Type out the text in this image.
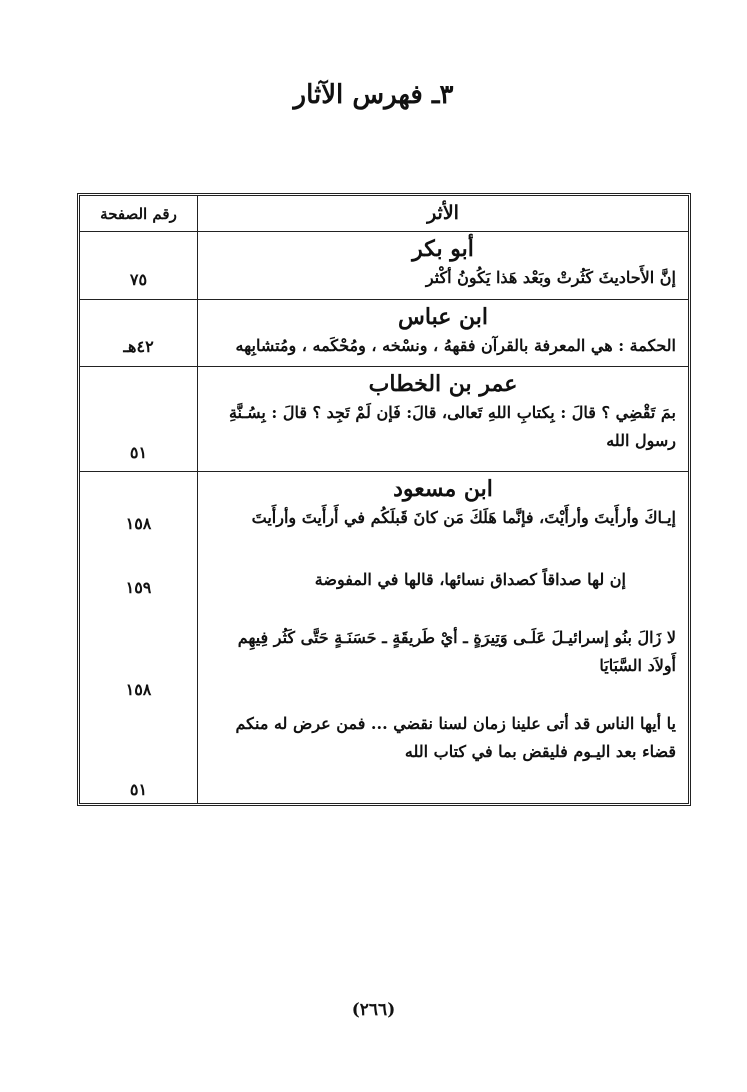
٣ـ فهرس الآثار
الأثر
رقم الصفحة
أبو بكر
إنَّ الأَحاديثَ كَثُرتْ وبَعْد هَذا يَكُونُ أكْثر
٧٥
ابن عباس
الحكمة : هي المعرفة بالقرآن فقههُ ، ونسْخه ، ومُحْكَمه ، ومُتشابِهه
٤٢هـ
عمر بن الخطاب
بمَ تَقْضِي ؟ قالَ : بِكتابِ اللهِ تَعالى، قالَ: فَإن لَمْ تَجِد ؟ قالَ : بِسُـنَّةِ رسول الله
٥١
ابن مسعود
إيـاكَ وأرأَيتَ وأرأَيْتَ، فإنَّما هَلَكَ مَن كانَ قَبلَكُم في أَرأَيتَ وأرأَيتَ
إن لها صداقاً كصداق نسائها، قالها في المفوضة
لا زَالَ بنُو إسرائيـلَ عَلَـى وَتِيرَةٍ ـ أيْ طَريقَةٍ ـ حَسَنَـةٍ حَتَّى كَثُر فِيهِم أَولاَد السَّبَايَا
يا أيها الناس قد أتى علينا زمان لسنا نقضي ... فمن عرض له منكم قضاء بعد اليـوم فليقض بما في كتاب الله
١٥٨
١٥٩
١٥٨
٥١
(٢٦٦)
